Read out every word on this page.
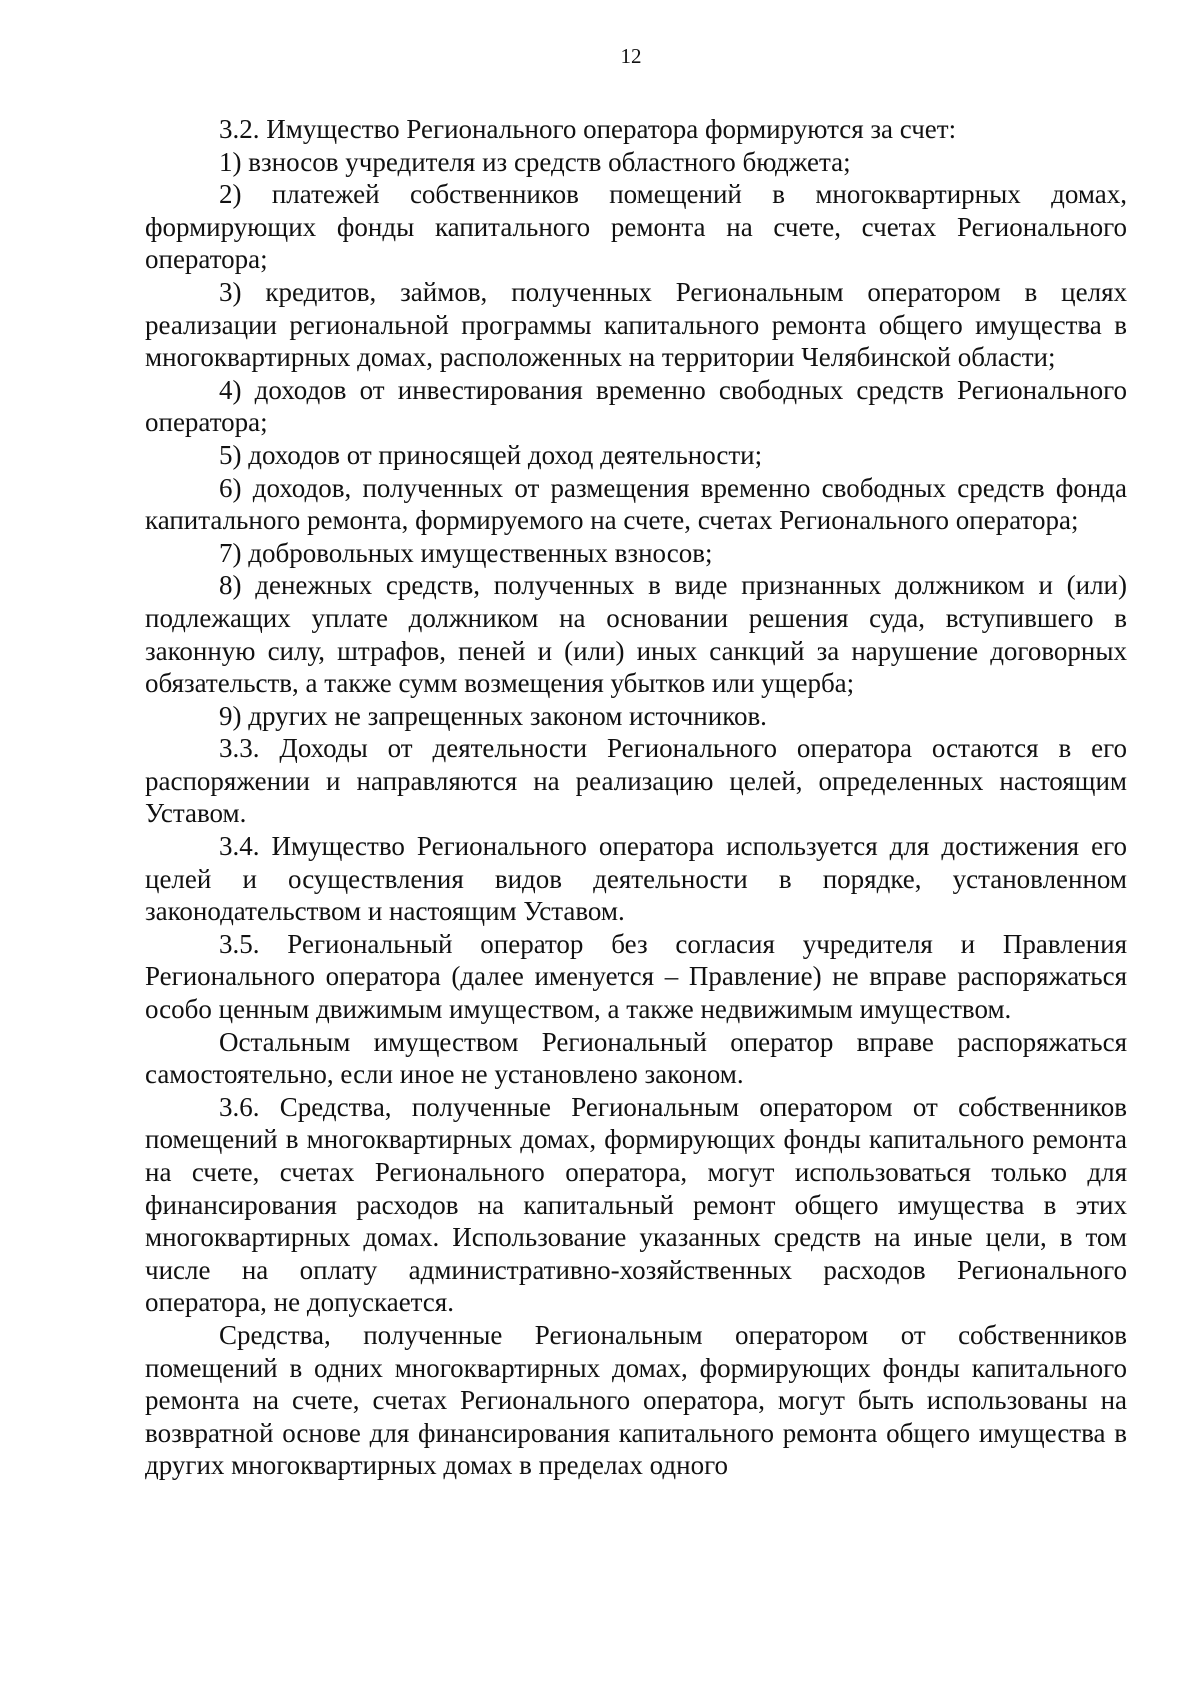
12

3.2. Имущество Регионального оператора формируются за счет:

1) взносов учредителя из средств областного бюджета;

2) платежей собственников помещений в многоквартирных домах, формирующих фонды капитального ремонта на счете, счетах Регионального оператора;

3) кредитов, займов, полученных Региональным оператором в целях реализации региональной программы капитального ремонта общего имущества в многоквартирных домах, расположенных на территории Челябинской области;

4) доходов от инвестирования временно свободных средств Регионального оператора;

5) доходов от приносящей доход деятельности;

6) доходов, полученных от размещения временно свободных средств фонда капитального ремонта, формируемого на счете, счетах Регионального оператора;

7) добровольных имущественных взносов;

8) денежных средств, полученных в виде признанных должником и (или) подлежащих уплате должником на основании решения суда, вступившего в законную силу, штрафов, пеней и (или) иных санкций за нарушение договорных обязательств, а также сумм возмещения убытков или ущерба;

9) других не запрещенных законом источников.

3.3. Доходы от деятельности Регионального оператора остаются в его распоряжении и направляются на реализацию целей, определенных настоящим Уставом.

3.4. Имущество Регионального оператора используется для достижения его целей и осуществления видов деятельности в порядке, установленном законодательством и настоящим Уставом.

3.5. Региональный оператор без согласия учредителя и Правления Регионального оператора (далее именуется – Правление) не вправе распоряжаться особо ценным движимым имуществом, а также недвижимым имуществом.

Остальным имуществом Региональный оператор вправе распоряжаться самостоятельно, если иное не установлено законом.

3.6. Средства, полученные Региональным оператором от собственников помещений в многоквартирных домах, формирующих фонды капитального ремонта на счете, счетах Регионального оператора, могут использоваться только для финансирования расходов на капитальный ремонт общего имущества в этих многоквартирных домах. Использование указанных средств на иные цели, в том числе на оплату административно-хозяйственных расходов Регионального оператора, не допускается.

Средства, полученные Региональным оператором от собственников помещений в одних многоквартирных домах, формирующих фонды капитального ремонта на счете, счетах Регионального оператора, могут быть использованы на возвратной основе для финансирования капитального ремонта общего имущества в других многоквартирных домах в пределах одного
